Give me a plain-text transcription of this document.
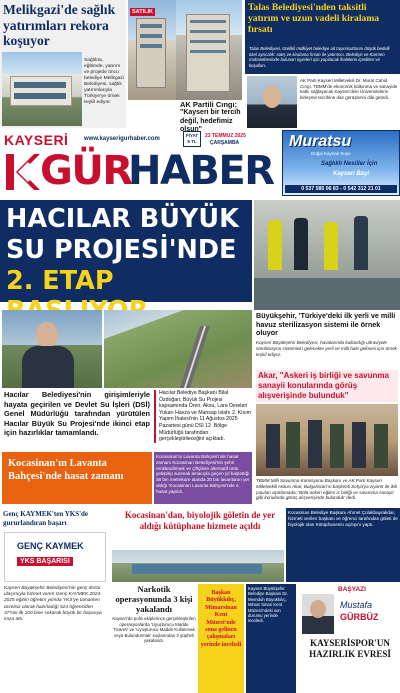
Melikgazi'de sağlık yatırımları rekora koşuyor
Sağlıkta, eğitimde, yatırım ve projede öncü belediye Melikgazi Belediyesi, sağlık yatırımlarıyla Türkiye'ye örnek teşkil ediyor.
SATILIK
AK Partili Cıngı:
"Kayseri bir tercih değil, hedefimiz olsun"
Talas Belediyesi'nden taksitli yatırım ve uzun vadeli kiralama fırsatı
Talas Belediyesi, özelikli mülkiyet belediye ait taşınmazlarını düşük bedelli özel ayrıcalık: satış ve kiralama fırsatı ile yatırımcı. Belediye ve Karmen muhasebesinde bulunan işyerleri için yapılacak ihalelerin içerikleri ve koşulları.
AK Parti Kayseri Milletvekili Dr. Murat Cahid Cıngı, TBMM'de ekonomik kalkınma ve sanayide katkı sağlayacak Kayseri'deki Üniversitelerin birleşme tercihine dair görüşlerini dile getirdi.
KAYSERİ	www.kayserigurhaber.com
FİYAT
5 TL
23 TEMMUZ 2025
ÇARŞAMBA
GÜR
HABER
Muratsu
Doğal Kaynak Suyu
Sağlıklı Nesiller İçin
Kayseri Bayi
0 537 585 06 83 - 0 542 312 21 01
HACILAR BÜYÜK
SU PROJESİ'NDE
2. ETAP
Büyükşehir, 'Türkiye'deki ilk yerli ve milli havuz sterilizasyon sistemi ile örnek oluyor
Kayseri Büyükşehir Belediyesi, havalarında kullandığı ultraviyole sterilizasyon sisteminin gelecekte yerli ve milli hale gelmesi için örnek teşkil ediyor.
Hacılar Belediyesi'nin girişimleriyle hayata geçirilen ve Devlet Su İşleri (DSİ) Genel Müdürlüğü tarafından yürütülen Hacılar Büyük Su Projesi'nde ikinci etap için hazırlıklar tamamlandı.
Hacılar Belediye Başkanı Bilal Özdoğan; Büyük Su Projesi kapsamında Ören, Aksu, Lara Dereleri Yukarı Havza ve Mansap Islahı 2. Kısım Yapım İhalesi'nin 11 Ağustos 2025 Pazartesi günü DSİ 12. Bölge Müdürlüğü tarafından gerçekleştirileceğini açıkladı.
Akar, "Askeri iş birliği ve savunma sanayii konularında görüş alışverişinde bulunduk"
TBMM Milli Savunma Komisyonu Başkanı ve AK Parti Kayseri Milletvekili Hulusi Akar, Bulgaristan'ın başkenti Sofya'ya ziyaret ile ikili yapılan açıklamada; 'Bölü askeri eğitim iş birliği ve savunma sanayii gibi konularda görüş alışverişinde bulunduk' dedi.
Kocasinan'ın Lavanta Bahçesi'nde hasat zamanı
Kocasinan'ın Lavanta Bahçesi'nde hasat zamanı Kocasinan Belediyesi'nin şehri renklendirmek ve çiftçilere alternatif ürün yetiştirip sunmak amacıyla geçen yıl başlattığı 38 bin metrekare alanda 20 bin lavantanın yer aldığı 'Kocasinan Lavanta Bahçesi'nde 4. hasat yapıldı.
Genç KAYMEK'ten YKS'de gururlandıran başarı
GENÇ KAYMEK
YKS BAŞARISI
Kayseri Büyükşehir Belediyesi'nin genç dostu ulaşımıyla hizmet veren Genç KAYMEK 2024-2025 eğitim öğretim yılında YKS'ye tamamen ücretsiz olarak hazırladığı 524 öğrenciden 37'sini ilk 100 bine sokarak büyük bir başarıya imza attı.
Kocasinan'dan, biyolojik göletin de yer aldığı kütüphane hizmete açıldı
Kocasinan Belediye Başkanı Ahmet Çolakbayrakdar, hizmeti verilen başkanı ve öğrenci tarafından göleti de biyolojik olan Kütüphanenin açılışını yaptı.
Narkotik operasyonunda 3 kişi yakalandı
Kayseri'de polis ekiplerince gerçekleştirilen operasyonlarda 'Uyuşturucu Madde Ticareti' ve 'Uyuşturucu Madde Kullanmak veya Bulundurmak' suçlarından 3 şüpheli yakalandı.
Başkan Büyükkılıç, Mimarsinan Kent Müzesi'nde sona gelinen çalışmaları yerinde inceledi
Kayseri Büyükşehir Belediye Başkanı Dr. Memduh Büyükkılıç, Mimar Sinan Kent Müzesi'ndeki son durumu yerinde inceledi.
BAŞYAZI
Mustafa
GÜRBÜZ
KAYSERİSPOR'UN HAZIRLIK EVRESİ
